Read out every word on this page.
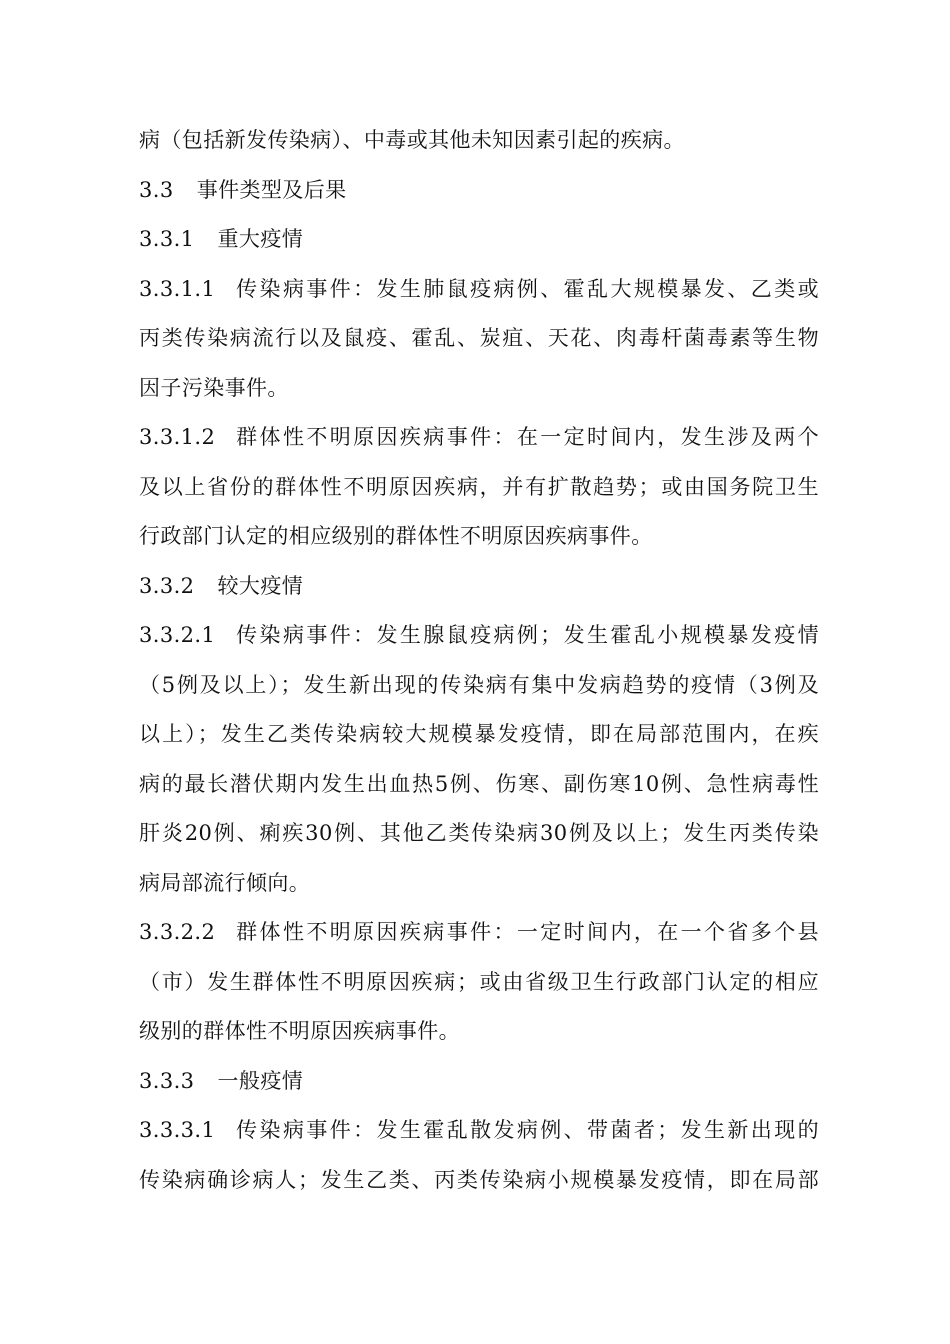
病（包括新发传染病）、中毒或其他未知因素引起的疾病。
3.3 事件类型及后果
3.3.1 重大疫情
3.3.1.1 传染病事件：发生肺鼠疫病例、霍乱大规模暴发、乙类或
丙类传染病流行以及鼠疫、霍乱、炭疽、天花、肉毒杆菌毒素等生物
因子污染事件。
3.3.1.2 群体性不明原因疾病事件：在一定时间内，发生涉及两个
及以上省份的群体性不明原因疾病，并有扩散趋势；或由国务院卫生
行政部门认定的相应级别的群体性不明原因疾病事件。
3.3.2 较大疫情
3.3.2.1 传染病事件：发生腺鼠疫病例；发生霍乱小规模暴发疫情
（5例及以上）；发生新出现的传染病有集中发病趋势的疫情（3例及
以上）；发生乙类传染病较大规模暴发疫情，即在局部范围内，在疾
病的最长潜伏期内发生出血热5例、伤寒、副伤寒10例、急性病毒性
肝炎20例、痢疾30例、其他乙类传染病30例及以上；发生丙类传染
病局部流行倾向。
3.3.2.2 群体性不明原因疾病事件：一定时间内，在一个省多个县
（市）发生群体性不明原因疾病；或由省级卫生行政部门认定的相应
级别的群体性不明原因疾病事件。
3.3.3 一般疫情
3.3.3.1 传染病事件：发生霍乱散发病例、带菌者；发生新出现的
传染病确诊病人；发生乙类、丙类传染病小规模暴发疫情，即在局部
